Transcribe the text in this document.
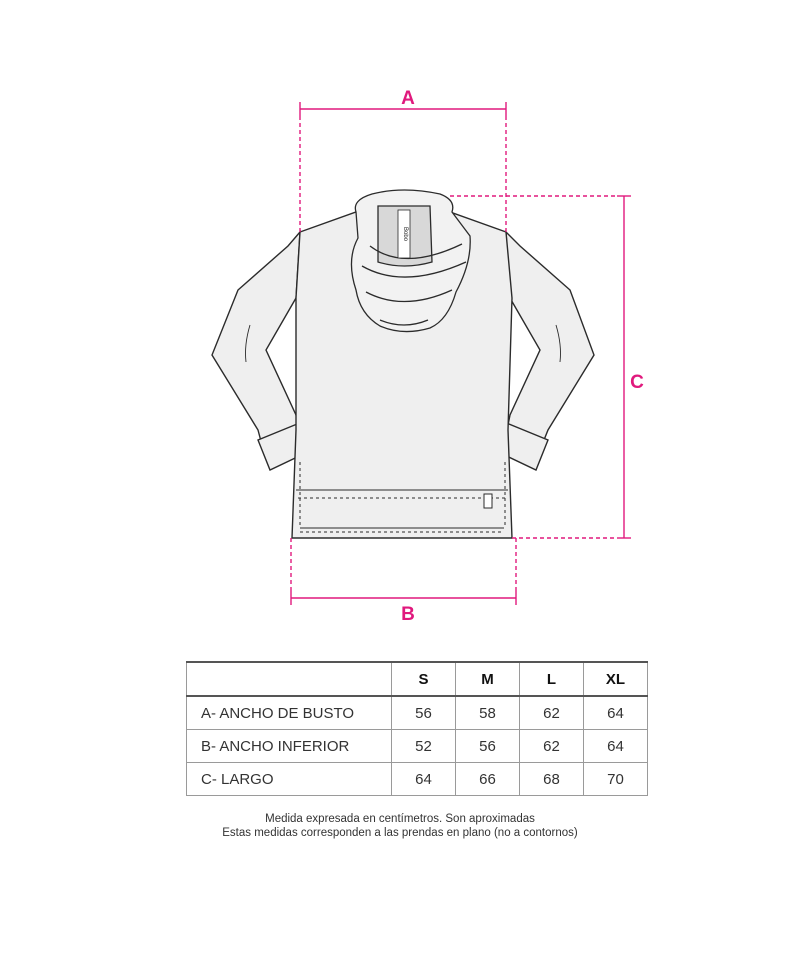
Bobo
A
B
C
	S	M	L	XL
A- ANCHO DE BUSTO	56	58	62	64
B- ANCHO INFERIOR	52	56	62	64
C- LARGO	64	66	68	70
Medida expresada en centímetros. Son aproximadas
Estas medidas corresponden a las prendas en plano (no a contornos)
